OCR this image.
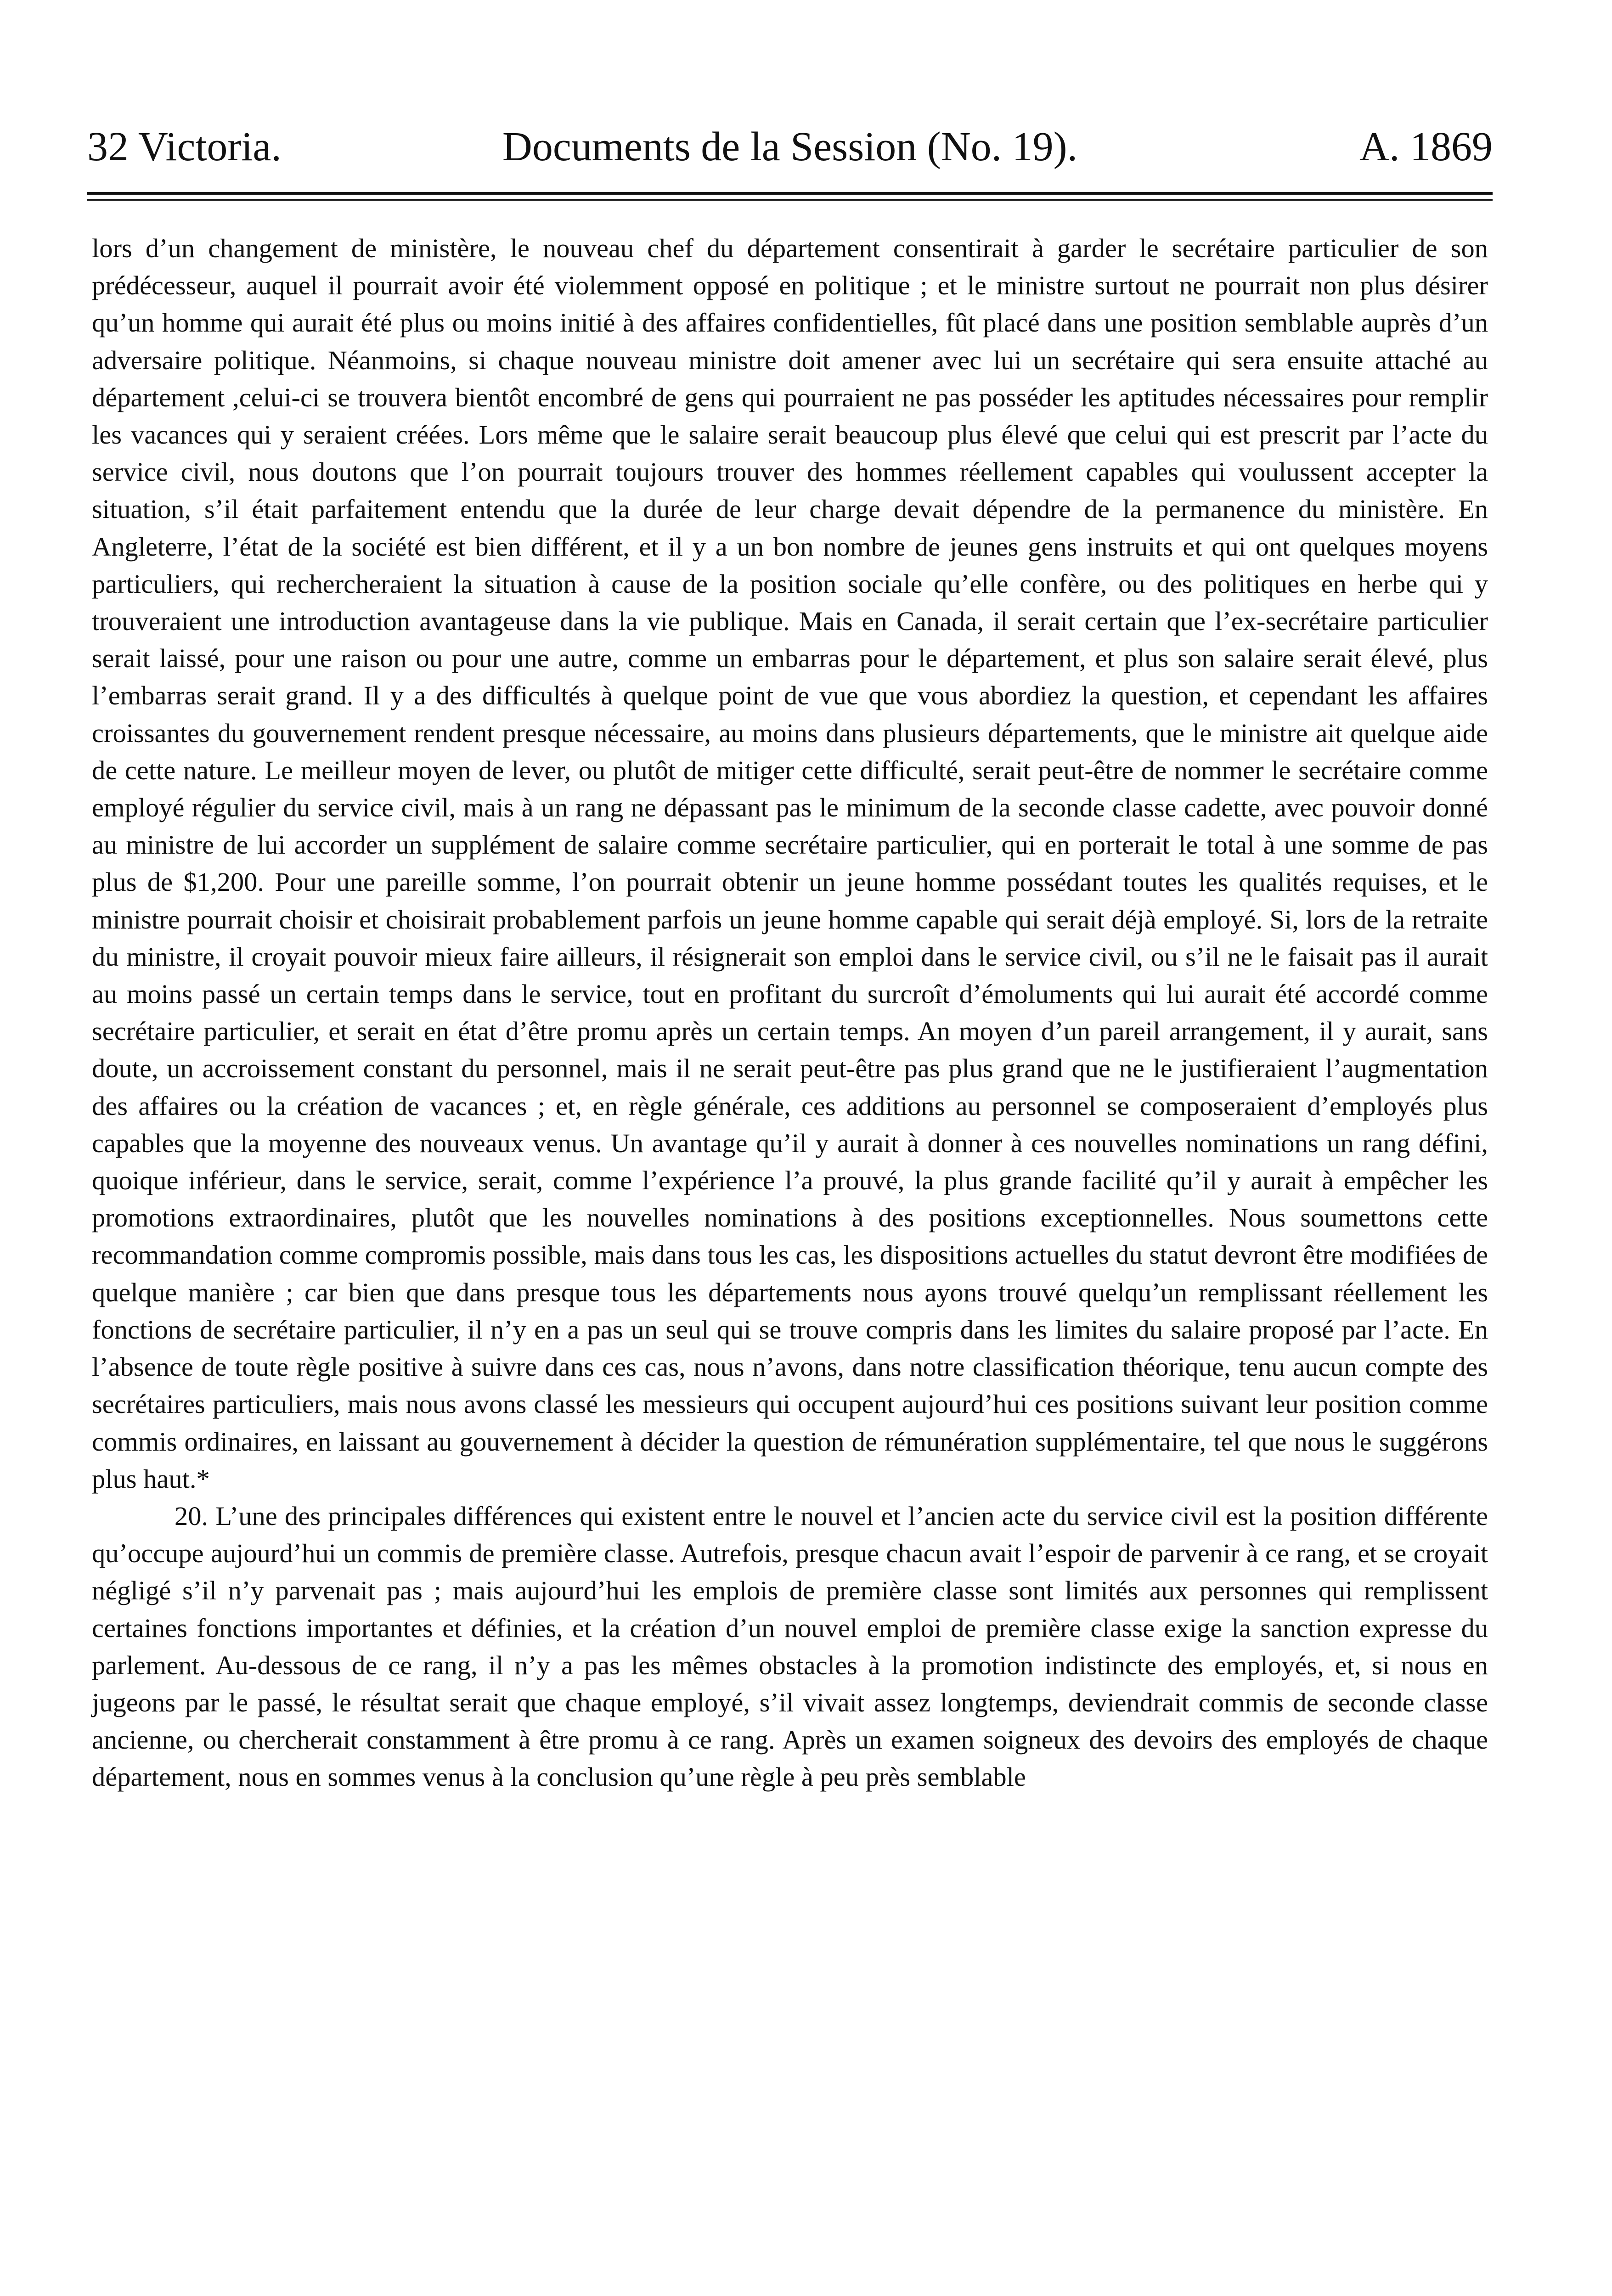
32 Victoria.	Documents de la Session (No. 19).	A. 1869

lors d’un changement de ministère, le nouveau chef du département consentirait à garder le secrétaire particulier de son prédécesseur, auquel il pourrait avoir été violemment opposé en politique ; et le ministre surtout ne pourrait non plus désirer qu’un homme qui aurait été plus ou moins initié à des affaires confidentielles, fût placé dans une position semblable auprès d’un adversaire politique. Néanmoins, si chaque nouveau ministre doit amener avec lui un secrétaire qui sera ensuite attaché au département ,celui-ci se trouvera bientôt encombré de gens qui pourraient ne pas posséder les aptitudes nécessaires pour remplir les vacances qui y seraient créées. Lors même que le salaire serait beaucoup plus élevé que celui qui est prescrit par l’acte du service civil, nous doutons que l’on pourrait toujours trouver des hommes réellement capables qui voulussent accepter la situation, s’il était parfaitement entendu que la durée de leur charge devait dépendre de la permanence du ministère. En Angleterre, l’état de la société est bien différent, et il y a un bon nombre de jeunes gens instruits et qui ont quelques moyens particuliers, qui rechercheraient la situation à cause de la position sociale qu’elle confère, ou des politiques en herbe qui y trouveraient une introduction avantageuse dans la vie publique. Mais en Canada, il serait certain que l’ex-secrétaire particulier serait laissé, pour une raison ou pour une autre, comme un embarras pour le département, et plus son salaire serait élevé, plus l’embarras serait grand. Il y a des difficultés à quelque point de vue que vous abordiez la question, et cependant les affaires croissantes du gouvernement rendent presque nécessaire, au moins dans plusieurs départements, que le ministre ait quelque aide de cette nature. Le meilleur moyen de lever, ou plutôt de mitiger cette difficulté, serait peut-être de nommer le secrétaire comme employé régulier du service civil, mais à un rang ne dépassant pas le minimum de la seconde classe cadette, avec pouvoir donné au ministre de lui accorder un supplément de salaire comme secrétaire particulier, qui en porterait le total à une somme de pas plus de $1,200. Pour une pareille somme, l’on pourrait obtenir un jeune homme possédant toutes les qualités requises, et le ministre pourrait choisir et choisirait probablement parfois un jeune homme capable qui serait déjà employé. Si, lors de la retraite du ministre, il croyait pouvoir mieux faire ailleurs, il résignerait son emploi dans le service civil, ou s’il ne le faisait pas il aurait au moins passé un certain temps dans le service, tout en profitant du surcroît d’émoluments qui lui aurait été accordé comme secrétaire particulier, et serait en état d’être promu après un certain temps. An moyen d’un pareil arrangement, il y aurait, sans doute, un accroissement constant du personnel, mais il ne serait peut-être pas plus grand que ne le justifieraient l’augmentation des affaires ou la création de vacances ; et, en règle générale, ces additions au personnel se composeraient d’employés plus capables que la moyenne des nouveaux venus. Un avantage qu’il y aurait à donner à ces nouvelles nominations un rang défini, quoique inférieur, dans le service, serait, comme l’expérience l’a prouvé, la plus grande facilité qu’il y aurait à empêcher les promotions extraordinaires, plutôt que les nouvelles nominations à des positions exceptionnelles. Nous soumettons cette recommandation comme compromis possible, mais dans tous les cas, les dispositions actuelles du statut devront être modifiées de quelque manière ; car bien que dans presque tous les départements nous ayons trouvé quelqu’un remplissant réellement les fonctions de secrétaire particulier, il n’y en a pas un seul qui se trouve compris dans les limites du salaire proposé par l’acte. En l’absence de toute règle positive à suivre dans ces cas, nous n’avons, dans notre classification théorique, tenu aucun compte des secrétaires particuliers, mais nous avons classé les messieurs qui occupent aujourd’hui ces positions suivant leur position comme commis ordinaires, en laissant au gouvernement à décider la question de rémunération supplémentaire, tel que nous le suggérons plus haut.*

20. L’une des principales différences qui existent entre le nouvel et l’ancien acte du service civil est la position différente qu’occupe aujourd’hui un commis de première classe. Autrefois, presque chacun avait l’espoir de parvenir à ce rang, et se croyait négligé s’il n’y parvenait pas ; mais aujourd’hui les emplois de première classe sont limités aux personnes qui remplissent certaines fonctions importantes et définies, et la création d’un nouvel emploi de première classe exige la sanction expresse du parlement. Au-dessous de ce rang, il n’y a pas les mêmes obstacles à la promotion indistincte des employés, et, si nous en jugeons par le passé, le résultat serait que chaque employé, s’il vivait assez longtemps, deviendrait commis de seconde classe ancienne, ou chercherait constamment à être promu à ce rang. Après un examen soigneux des devoirs des employés de chaque département, nous en sommes venus à la conclusion qu’une règle à peu près semblable
